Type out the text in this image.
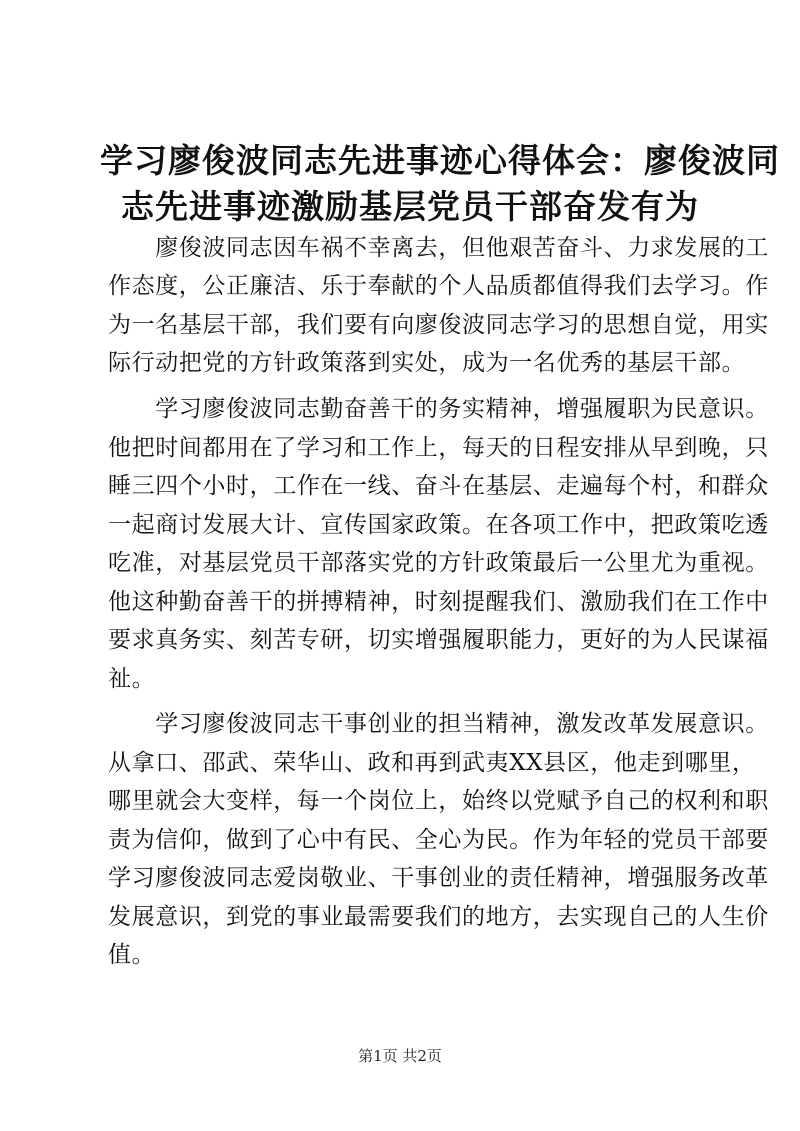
学习廖俊波同志先进事迹心得体会：廖俊波同
志先进事迹激励基层党员干部奋发有为

　　廖俊波同志因车祸不幸离去，但他艰苦奋斗、力求发展的工

作态度，公正廉洁、乐于奉献的个人品质都值得我们去学习。作

为一名基层干部，我们要有向廖俊波同志学习的思想自觉，用实

际行动把党的方针政策落到实处，成为一名优秀的基层干部。

　　学习廖俊波同志勤奋善干的务实精神，增强履职为民意识。

他把时间都用在了学习和工作上，每天的日程安排从早到晚，只

睡三四个小时，工作在一线、奋斗在基层、走遍每个村，和群众

一起商讨发展大计、宣传国家政策。在各项工作中，把政策吃透

吃准，对基层党员干部落实党的方针政策最后一公里尤为重视。

他这种勤奋善干的拼搏精神，时刻提醒我们、激励我们在工作中

要求真务实、刻苦专研，切实增强履职能力，更好的为人民谋福

祉。

　　学习廖俊波同志干事创业的担当精神，激发改革发展意识。

从拿口、邵武、荣华山、政和再到武夷XX县区，他走到哪里，

哪里就会大变样，每一个岗位上，始终以党赋予自己的权利和职

责为信仰，做到了心中有民、全心为民。作为年轻的党员干部要

学习廖俊波同志爱岗敬业、干事创业的责任精神，增强服务改革

发展意识，到党的事业最需要我们的地方，去实现自己的人生价

值。

第1页 共2页
